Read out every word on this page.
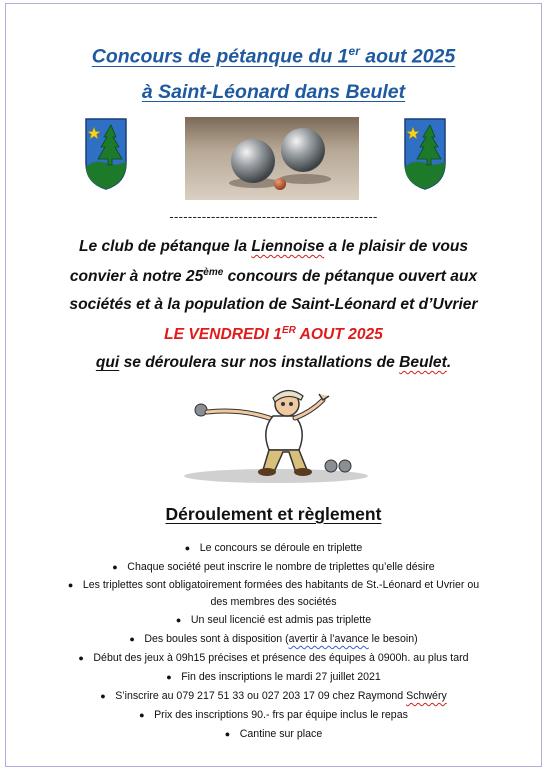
Concours de pétanque du 1er aout 2025
à Saint-Léonard dans Beulet
---------------------------------------------
Le club de pétanque la Liennoise a le plaisir de vous
convier à notre 25ème concours de pétanque ouvert aux
sociétés et à la population de Saint-Léonard et d’Uvrier
LE VENDREDI 1ER AOUT 2025
qui se déroulera sur nos installations de Beulet.
Déroulement et règlement
● Le concours se déroule en triplette
● Chaque société peut inscrire le nombre de triplettes qu’elle désire
● Les triplettes sont obligatoirement formées des habitants de St.-Léonard et Uvrier ou
des membres des sociétés
● Un seul licencié est admis pas triplette
● Des boules sont à disposition (avertir à l’avance le besoin)
● Début des jeux à 09h15 précises et présence des équipes à 0900h. au plus tard
● Fin des inscriptions le mardi 27 juillet 2021
● S’inscrire au 079 217 51 33 ou 027 203 17 09 chez Raymond Schwéry
● Prix des inscriptions 90.- frs par équipe inclus le repas
● Cantine sur place
